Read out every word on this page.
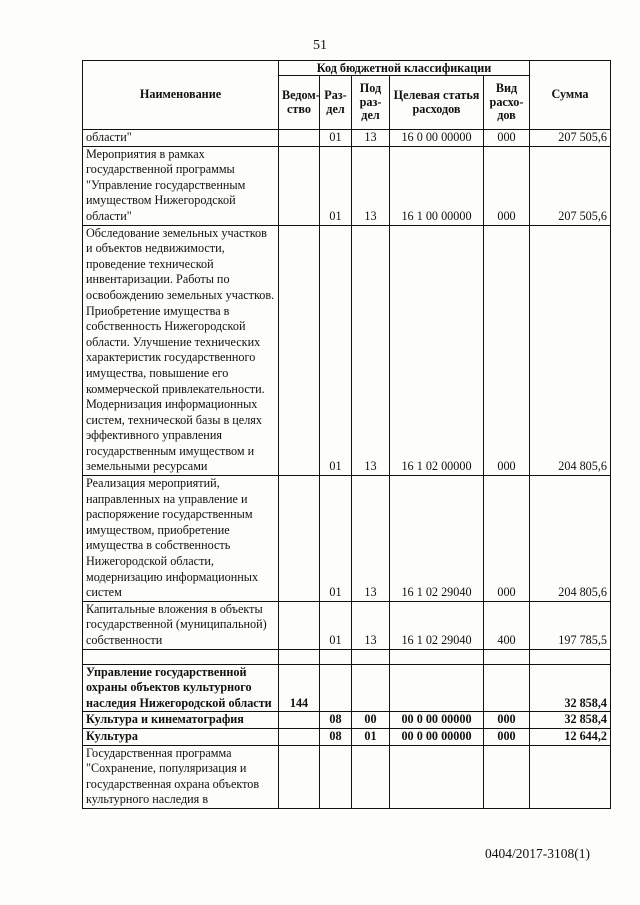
51
Наименование	Код бюджетной классификации					Сумма
	Ведом-ство	Раз-дел	Под раз-дел	Целевая статья расходов	Вид расхо-дов	
области"		01	13	16 0 00 00000	000	207 505,6
Мероприятия в рамках государственной программы "Управление государственным имуществом Нижегородской области"		01	13	16 1 00 00000	000	207 505,6
Обследование земельных участков и объектов недвижимости, проведение технической инвентаризации. Работы по освобождению земельных участков. Приобретение имущества в собственность Нижегородской области. Улучшение технических характеристик государственного имущества, повышение его коммерческой привлекательности. Модернизация информационных систем, технической базы в целях эффективного управления государственным имуществом и земельными ресурсами		01	13	16 1 02 00000	000	204 805,6
Реализация мероприятий, направленных на управление и распоряжение государственным имуществом, приобретение имущества в собственность Нижегородской области, модернизацию информационных систем		01	13	16 1 02 29040	000	204 805,6
Капитальные вложения в объекты государственной (муниципальной) собственности		01	13	16 1 02 29040	400	197 785,5

Управление государственной охраны объектов культурного наследия Нижегородской области	144					32 858,4
Культура и кинематография		08	00	00 0 00 00000	000	32 858,4
Культура		08	01	00 0 00 00000	000	12 644,2
Государственная программа "Сохранение, популяризация и государственная охрана объектов культурного наследия в						
0404/2017-3108(1)
